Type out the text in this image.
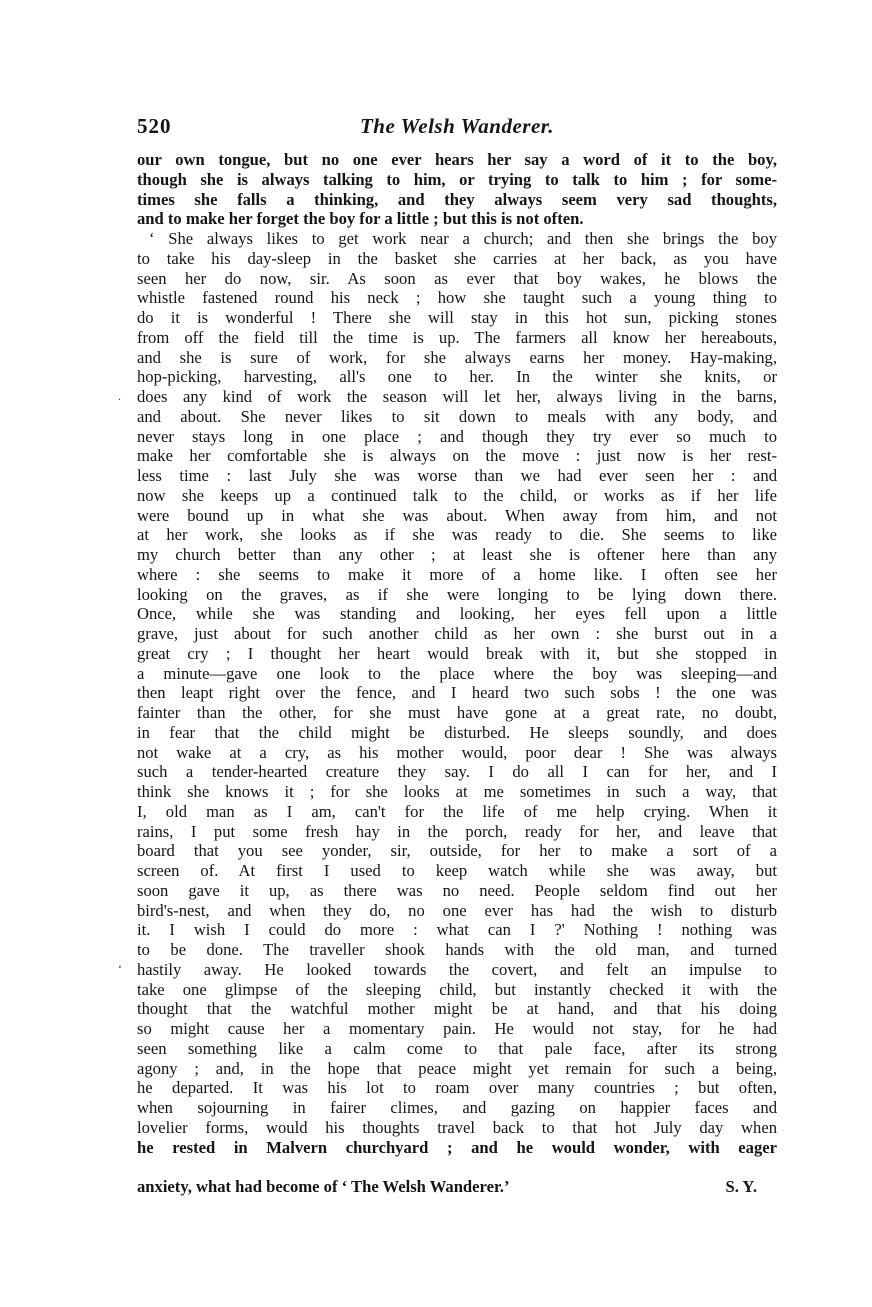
520	The Welsh Wanderer.
our own tongue, but no one ever hears her say a word of it to the boy,
though she is always talking to him, or trying to talk to him ; for some-
times she falls a thinking, and they always seem very sad thoughts,
and to make her forget the boy for a little ; but this is not often.
‘ She always likes to get work near a church; and then she brings the boy
to take his day-sleep in the basket she carries at her back, as you have
seen her do now, sir. As soon as ever that boy wakes, he blows the
whistle fastened round his neck ; how she taught such a young thing to
do it is wonderful ! There she will stay in this hot sun, picking stones
from off the field till the time is up. The farmers all know her hereabouts,
and she is sure of work, for she always earns her money. Hay-making,
hop-picking, harvesting, all's one to her. In the winter she knits, or
does any kind of work the season will let her, always living in the barns,
and about. She never likes to sit down to meals with any body, and
never stays long in one place ; and though they try ever so much to
make her comfortable she is always on the move : just now is her rest-
less time : last July she was worse than we had ever seen her : and
now she keeps up a continued talk to the child, or works as if her life
were bound up in what she was about. When away from him, and not
at her work, she looks as if she was ready to die. She seems to like
my church better than any other ; at least she is oftener here than any
where : she seems to make it more of a home like. I often see her
looking on the graves, as if she were longing to be lying down there.
Once, while she was standing and looking, her eyes fell upon a little
grave, just about for such another child as her own : she burst out in a
great cry ; I thought her heart would break with it, but she stopped in
a minute—gave one look to the place where the boy was sleeping—and
then leapt right over the fence, and I heard two such sobs ! the one was
fainter than the other, for she must have gone at a great rate, no doubt,
in fear that the child might be disturbed. He sleeps soundly, and does
not wake at a cry, as his mother would, poor dear ! She was always
such a tender-hearted creature they say. I do all I can for her, and I
think she knows it ; for she looks at me sometimes in such a way, that
I, old man as I am, can't for the life of me help crying. When it
rains, I put some fresh hay in the porch, ready for her, and leave that
board that you see yonder, sir, outside, for her to make a sort of a
screen of. At first I used to keep watch while she was away, but
soon gave it up, as there was no need. People seldom find out her
bird's-nest, and when they do, no one ever has had the wish to disturb
it. I wish I could do more : what can I ?' Nothing ! nothing was
to be done. The traveller shook hands with the old man, and turned
hastily away. He looked towards the covert, and felt an impulse to
take one glimpse of the sleeping child, but instantly checked it with the
thought that the watchful mother might be at hand, and that his doing
so might cause her a momentary pain. He would not stay, for he had
seen something like a calm come to that pale face, after its strong
agony ; and, in the hope that peace might yet remain for such a being,
he departed. It was his lot to roam over many countries ; but often,
when sojourning in fairer climes, and gazing on happier faces and
lovelier forms, would his thoughts travel back to that hot July day when
he rested in Malvern churchyard ; and he would wonder, with eager
anxiety, what had become of ‘ The Welsh Wanderer.’	S. Y.
.
‘
